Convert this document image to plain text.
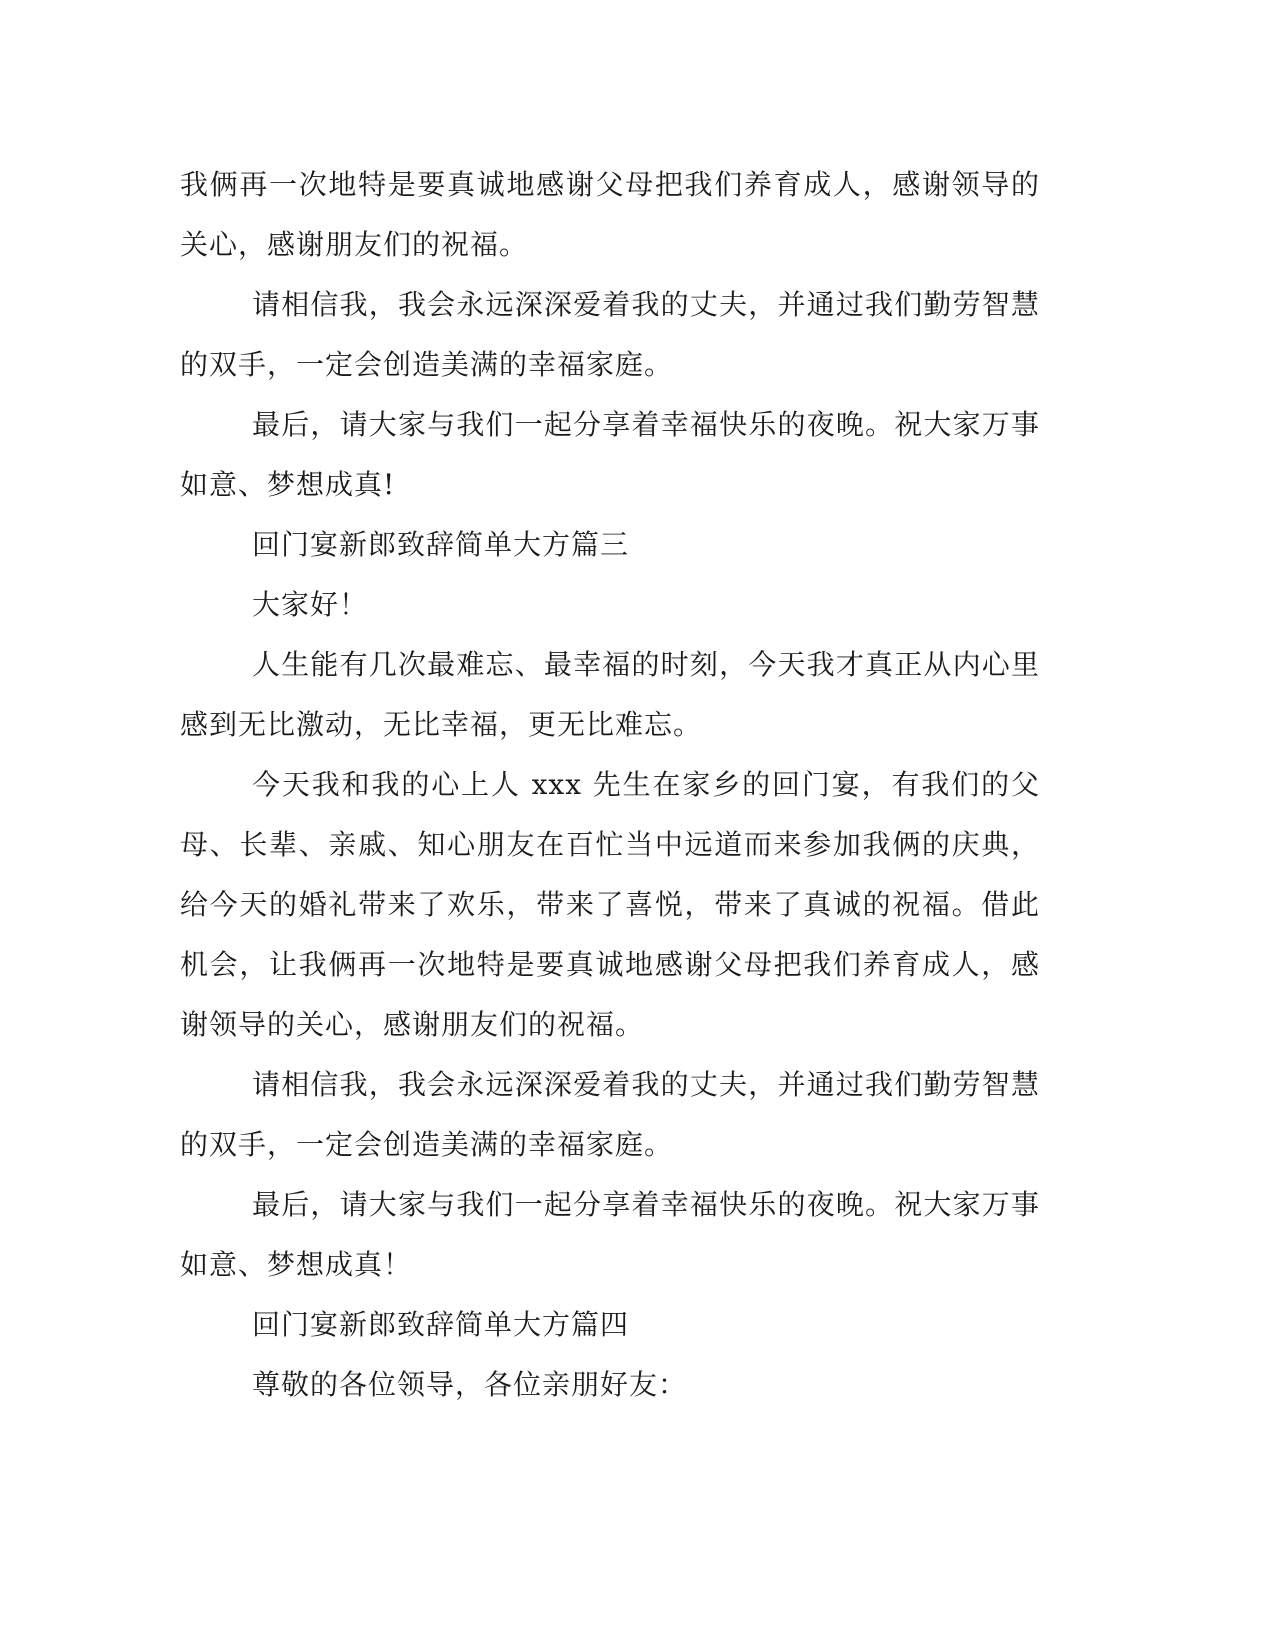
我俩再一次地特是要真诚地感谢父母把我们养育成人，感谢领导的关心，感谢朋友们的祝福。

请相信我，我会永远深深爱着我的丈夫，并通过我们勤劳智慧的双手，一定会创造美满的幸福家庭。

最后，请大家与我们一起分享着幸福快乐的夜晚。祝大家万事如意、梦想成真!

回门宴新郎致辞简单大方篇三

大家好！

人生能有几次最难忘、最幸福的时刻，今天我才真正从内心里感到无比激动，无比幸福，更无比难忘。

今天我和我的心上人 xxx 先生在家乡的回门宴，有我们的父母、长辈、亲戚、知心朋友在百忙当中远道而来参加我俩的庆典，给今天的婚礼带来了欢乐，带来了喜悦，带来了真诚的祝福。借此机会，让我俩再一次地特是要真诚地感谢父母把我们养育成人，感谢领导的关心，感谢朋友们的祝福。

请相信我，我会永远深深爱着我的丈夫，并通过我们勤劳智慧的双手，一定会创造美满的幸福家庭。

最后，请大家与我们一起分享着幸福快乐的夜晚。祝大家万事如意、梦想成真！

回门宴新郎致辞简单大方篇四

尊敬的各位领导，各位亲朋好友：
